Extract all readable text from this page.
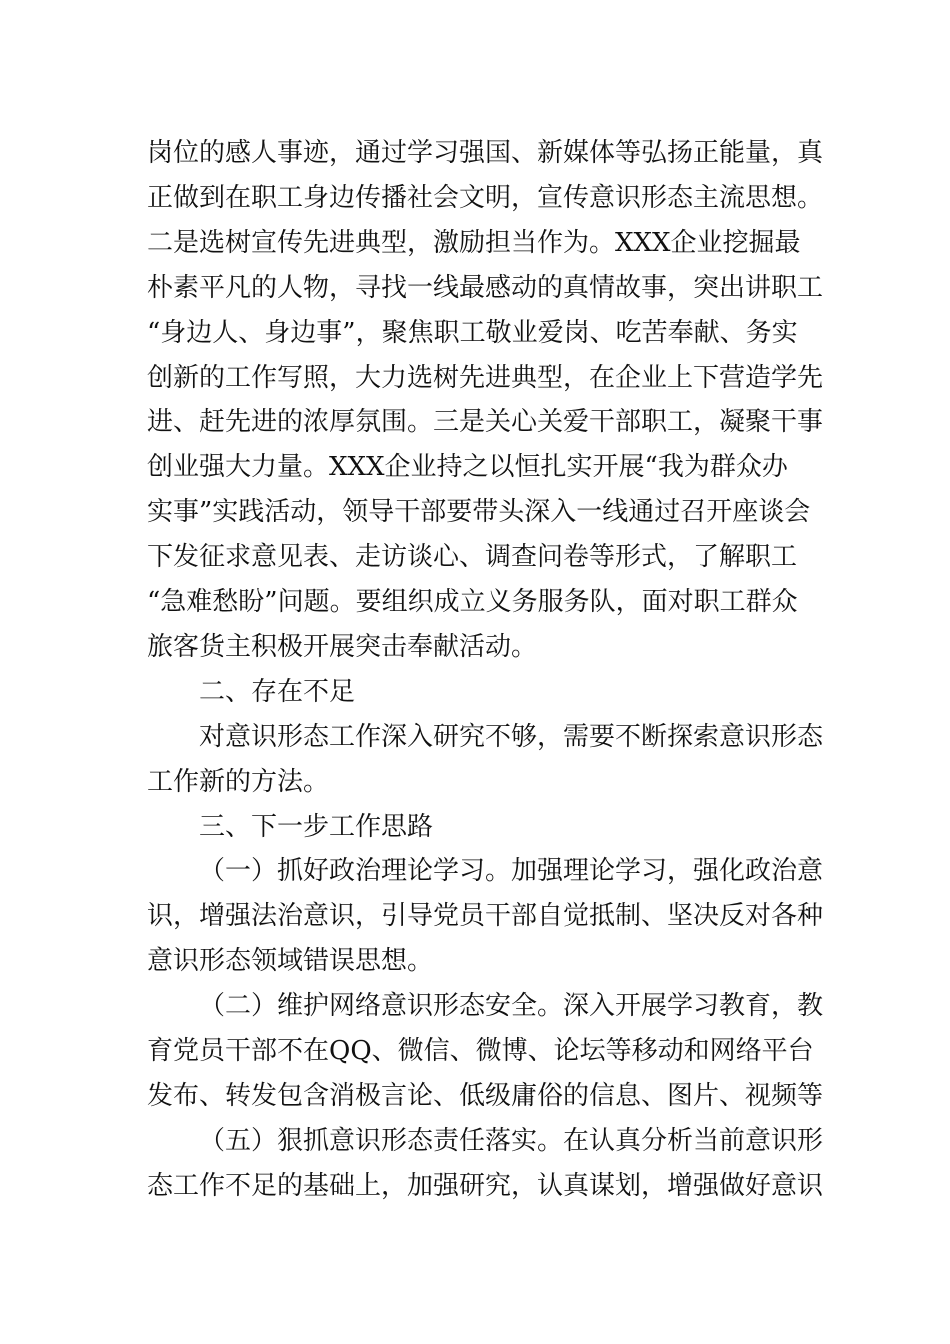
岗位的感人事迹，通过学习强国、新媒体等弘扬正能量，真
正做到在职工身边传播社会文明，宣传意识形态主流思想。
二是选树宣传先进典型，激励担当作为。XXX企业挖掘最
朴素平凡的人物，寻找一线最感动的真情故事，突出讲职工
“身边人、身边事”，聚焦职工敬业爱岗、吃苦奉献、务实
创新的工作写照，大力选树先进典型，在企业上下营造学先
进、赶先进的浓厚氛围。三是关心关爱干部职工，凝聚干事
创业强大力量。XXX企业持之以恒扎实开展“我为群众办
实事”实践活动，领导干部要带头深入一线通过召开座谈会
下发征求意见表、走访谈心、调查问卷等形式，了解职工
“急难愁盼”问题。要组织成立义务服务队，面对职工群众
旅客货主积极开展突击奉献活动。
二、存在不足
对意识形态工作深入研究不够，需要不断探索意识形态
工作新的方法。
三、下一步工作思路
（一）抓好政治理论学习。加强理论学习，强化政治意
识，增强法治意识，引导党员干部自觉抵制、坚决反对各种
意识形态领域错误思想。
（二）维护网络意识形态安全。深入开展学习教育，教
育党员干部不在QQ、微信、微博、论坛等移动和网络平台
发布、转发包含消极言论、低级庸俗的信息、图片、视频等
（五）狠抓意识形态责任落实。在认真分析当前意识形
态工作不足的基础上，加强研究，认真谋划，增强做好意识
